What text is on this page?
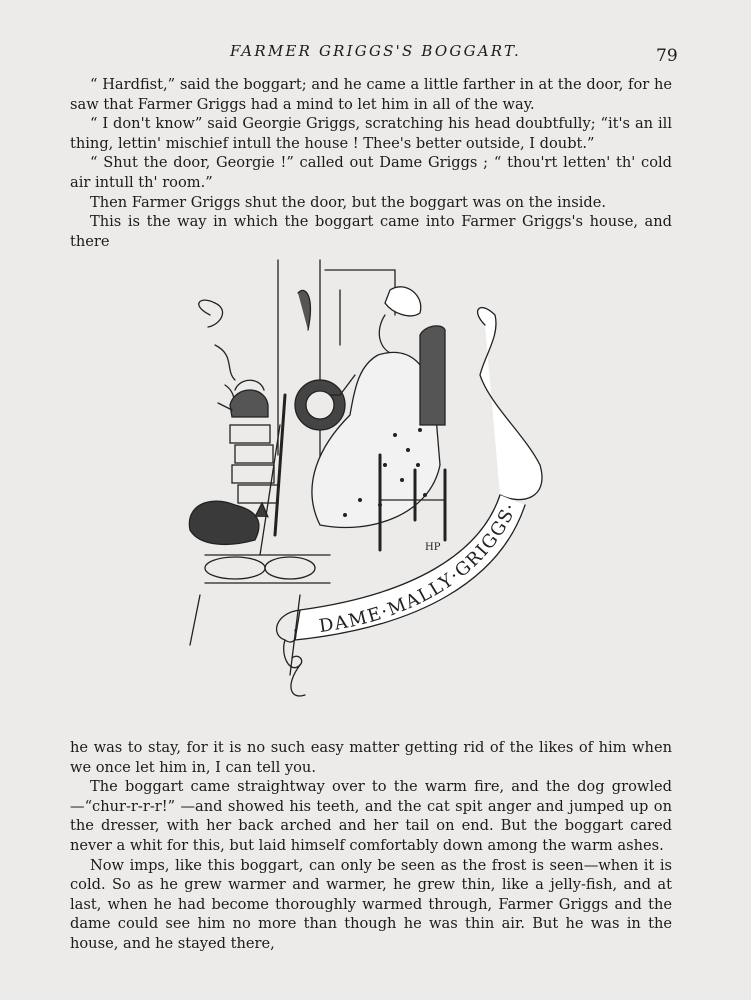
FARMER GRIGGS'S BOGGART.	79

“ Hardfist,” said the boggart; and he came a little farther in at the door, for he saw that Farmer Griggs had a mind to let him in all of the way.

“ I don't know” said Georgie Griggs, scratching his head doubtfully; “it's an ill thing, lettin' mischief intull the house ! Thee's better outside, I doubt.”

“ Shut the door, Georgie !” called out Dame Griggs ; “ thou'rt letten' th' cold air intull th' room.”

Then Farmer Griggs shut the door, but the boggart was on the inside.

This is the way in which the boggart came into Farmer Griggs's house, and there

HP
DAME·MALLY·GRIGGS·

he was to stay, for it is no such easy matter getting rid of the likes of him when we once let him in, I can tell you.

The boggart came straightway over to the warm fire, and the dog growled—“chur-r-r-r!” —and showed his teeth, and the cat spit anger and jumped up on the dresser, with her back arched and her tail on end. But the boggart cared never a whit for this, but laid himself comfortably down among the warm ashes.

Now imps, like this boggart, can only be seen as the frost is seen—when it is cold. So as he grew warmer and warmer, he grew thin, like a jelly-fish, and at last, when he had become thoroughly warmed through, Farmer Griggs and the dame could see him no more than though he was thin air. But he was in the house, and he stayed there,
